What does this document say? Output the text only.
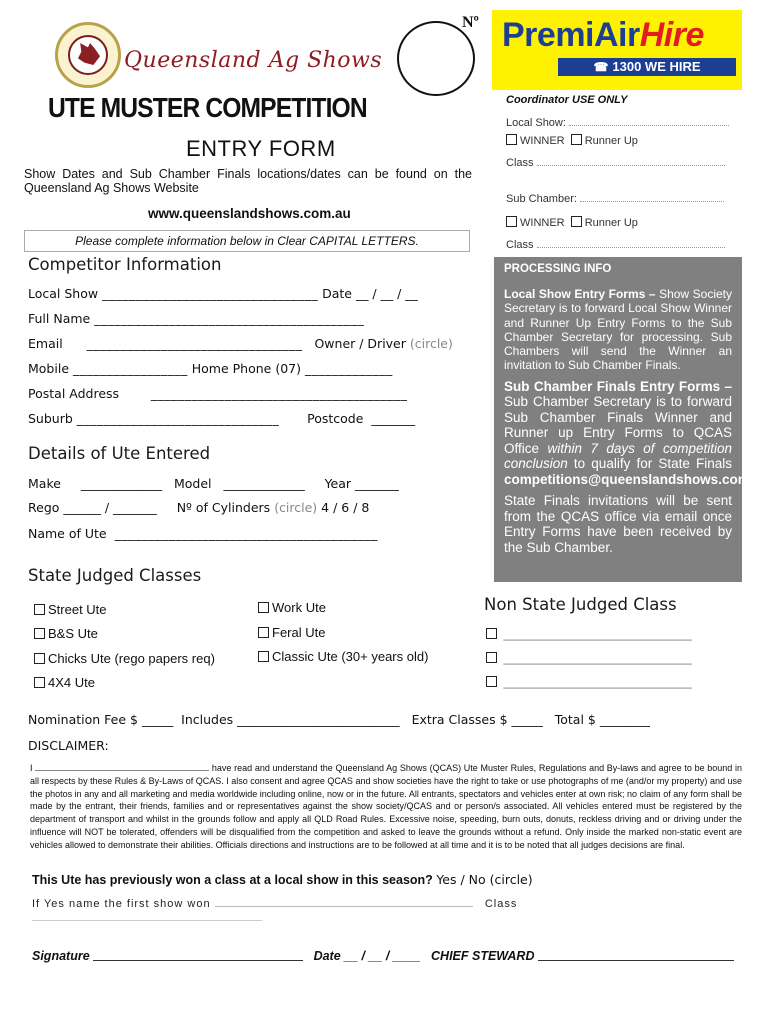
Queensland Ag Shows
Nº PremiAirHire
☎ 1300 WE HIRE
UTE MUSTER COMPETITION
ENTRY FORM
Show Dates and Sub Chamber Finals locations/dates can be found on the Queensland Ag Shows Website
www.queenslandshows.com.au
Please complete information below in Clear CAPITAL LETTERS.
Coordinator USE ONLY
Local Show:
WINNER Runner Up
Class
Sub Chamber:
WINNER Runner Up
Class
PROCESSING INFO

Local Show Entry Forms – Show Society Secretary is to forward Local Show Winner and Runner Up Entry Forms to the Sub Chamber Secretary for processing. Sub Chambers will send the Winner an invitation to Sub Chamber Finals.

Sub Chamber Finals Entry Forms – Sub Chamber Secretary is to forward Sub Chamber Finals Winner and Runner up Entry Forms to QCAS Office within 7 days of competition conclusion to qualify for State Finals competitions@queenslandshows.com.au

State Finals invitations will be sent from the QCAS office via email once Entry Forms have been received by the Sub Chamber.

Competitor Information
Local Show ________________________________ Date __ / __ / __
Full Name ________________________________________
Email ________________________________ Owner / Driver (circle)
Mobile _________________ Home Phone (07) _____________
Postal Address	______________________________________
Suburb ______________________________ Postcode _______
Details of Ute Entered
Make _____________ Model _____________ Year _______
Rego ______ / _______ Nº of Cylinders (circle) 4 / 6 / 8
Name of Ute _______________________________________
State Judged Classes
Street Ute	Work Ute
B&S Ute	Feral Ute
Chicks Ute (rego papers req)	Classic Ute (30+ years old)
4X4 Ute
Non State Judged Class
__________________________
__________________________
__________________________
Nomination Fee $ _____ Includes __________________________ Extra Classes $ _____ Total $ ________
DISCLAIMER:
I	have read and understand the Queensland Ag Shows (QCAS) Ute Muster Rules, Regulations and By-laws and agree to be bound in all respects by these Rules & By-Laws of QCAS. I also consent and agree QCAS and show societies have the right to take or use photographs of me (and/or my property) and use the photos in any and all marketing and media worldwide including online, now or in the future. All entrants, spectators and vehicles enter at own risk; no claim of any form shall be made by the entrant, their friends, families and or representatives against the show society/QCAS and or person/s associated. All vehicles entered must be registered by the department of transport and whilst in the grounds follow and apply all QLD Road Rules. Excessive noise, speeding, burn outs, donuts, reckless driving and or driving under the influence will NOT be tolerated, offenders will be disqualified from the competition and asked to leave the grounds without a refund. Only inside the marked non-static event are vehicles allowed to demonstrate their abilities. Officials directions and instructions are to be followed at all time and it is to be noted that all judges decisions are final.
This Ute has previously won a class at a local show in this season? Yes / No (circle)
If Yes name the first show won	Class
Signature	Date __ / __ / ____ CHIEF STEWARD
